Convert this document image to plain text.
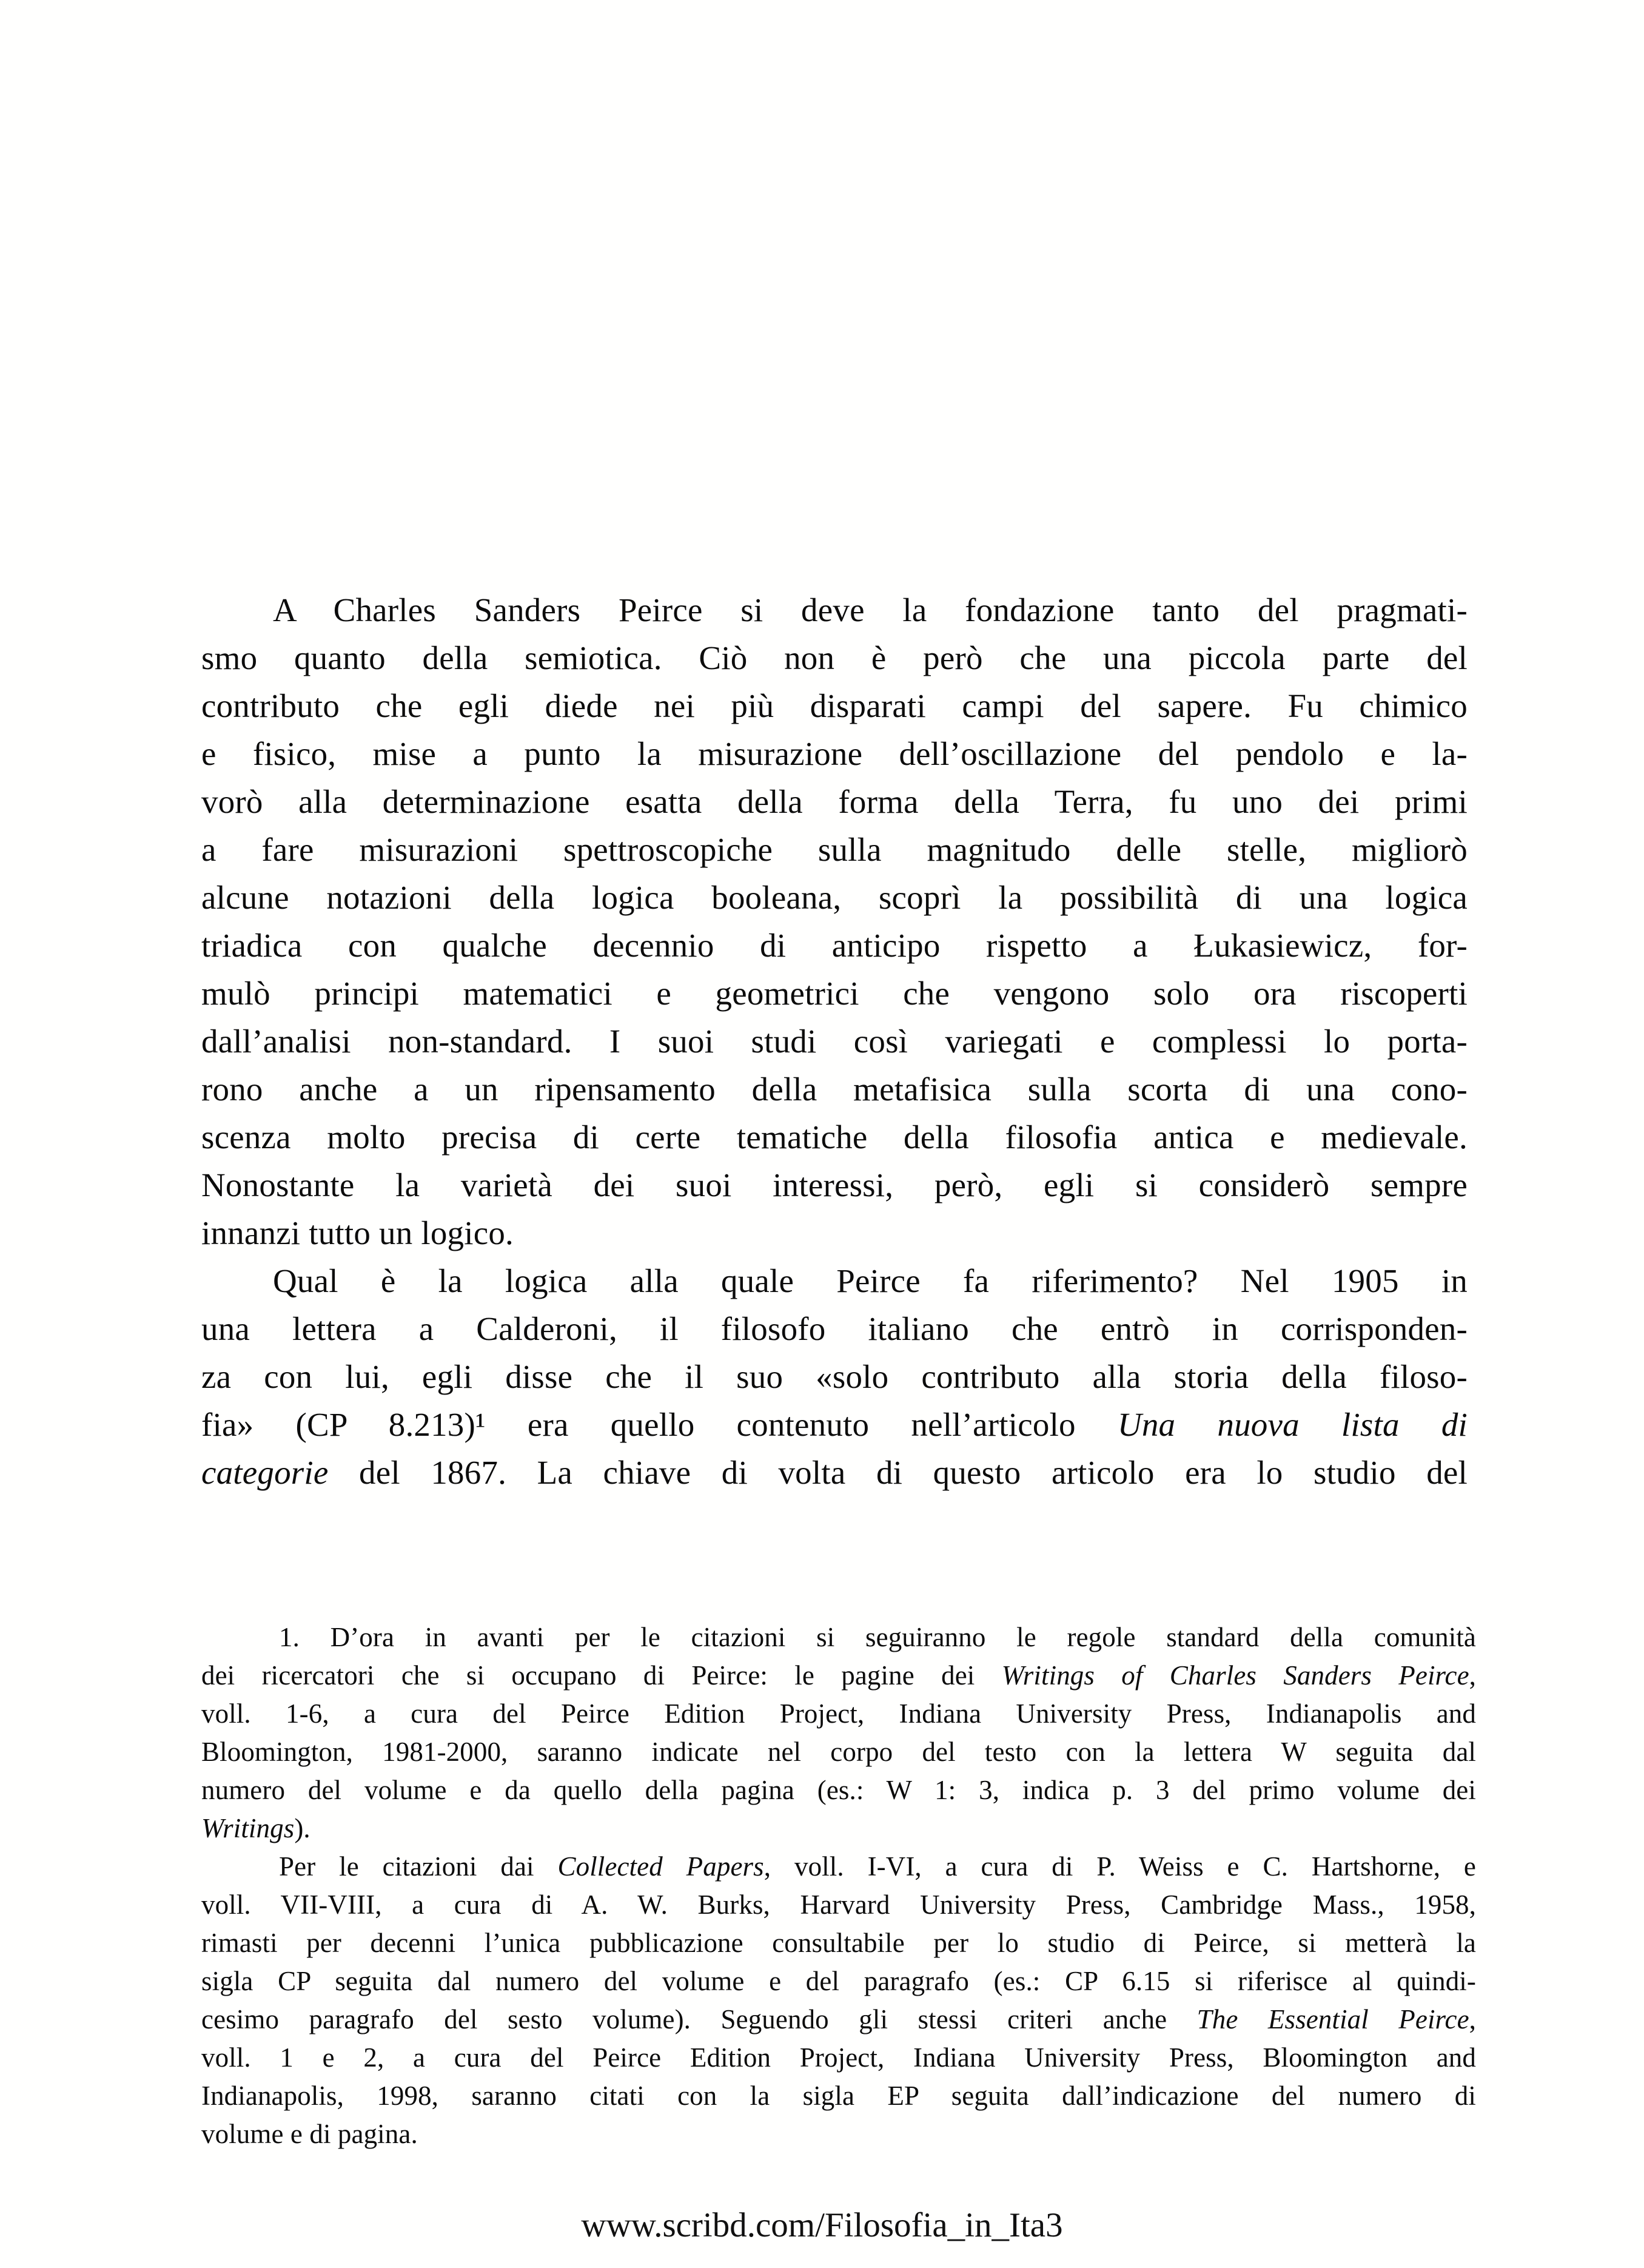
A Charles Sanders Peirce si deve la fondazione tanto del pragmati-
smo quanto della semiotica. Ciò non è però che una piccola parte del
contributo che egli diede nei più disparati campi del sapere. Fu chimico
e fisico, mise a punto la misurazione dell’oscillazione del pendolo e la-
vorò alla determinazione esatta della forma della Terra, fu uno dei primi
a fare misurazioni spettroscopiche sulla magnitudo delle stelle, migliorò
alcune notazioni della logica booleana, scoprì la possibilità di una logica
triadica con qualche decennio di anticipo rispetto a Łukasiewicz, for-
mulò principi matematici e geometrici che vengono solo ora riscoperti
dall’analisi non-standard. I suoi studi così variegati e complessi lo porta-
rono anche a un ripensamento della metafisica sulla scorta di una cono-
scenza molto precisa di certe tematiche della filosofia antica e medievale.
Nonostante la varietà dei suoi interessi, però, egli si considerò sempre
innanzi tutto un logico.
Qual è la logica alla quale Peirce fa riferimento? Nel 1905 in
una lettera a Calderoni, il filosofo italiano che entrò in corrisponden-
za con lui, egli disse che il suo «solo contributo alla storia della filoso-
fia» (CP 8.213)¹ era quello contenuto nell’articolo Una nuova lista di
categorie del 1867. La chiave di volta di questo articolo era lo studio del
1. D’ora in avanti per le citazioni si seguiranno le regole standard della comunità
dei ricercatori che si occupano di Peirce: le pagine dei Writings of Charles Sanders Peirce,
voll. 1-6, a cura del Peirce Edition Project, Indiana University Press, Indianapolis and
Bloomington, 1981-2000, saranno indicate nel corpo del testo con la lettera W seguita dal
numero del volume e da quello della pagina (es.: W 1: 3, indica p. 3 del primo volume dei
Writings).
Per le citazioni dai Collected Papers, voll. I-VI, a cura di P. Weiss e C. Hartshorne, e
voll. VII-VIII, a cura di A. W. Burks, Harvard University Press, Cambridge Mass., 1958,
rimasti per decenni l’unica pubblicazione consultabile per lo studio di Peirce, si metterà la
sigla CP seguita dal numero del volume e del paragrafo (es.: CP 6.15 si riferisce al quindi-
cesimo paragrafo del sesto volume). Seguendo gli stessi criteri anche The Essential Peirce,
voll. 1 e 2, a cura del Peirce Edition Project, Indiana University Press, Bloomington and
Indianapolis, 1998, saranno citati con la sigla EP seguita dall’indicazione del numero di
volume e di pagina.
www.scribd.com/Filosofia_in_Ita3
